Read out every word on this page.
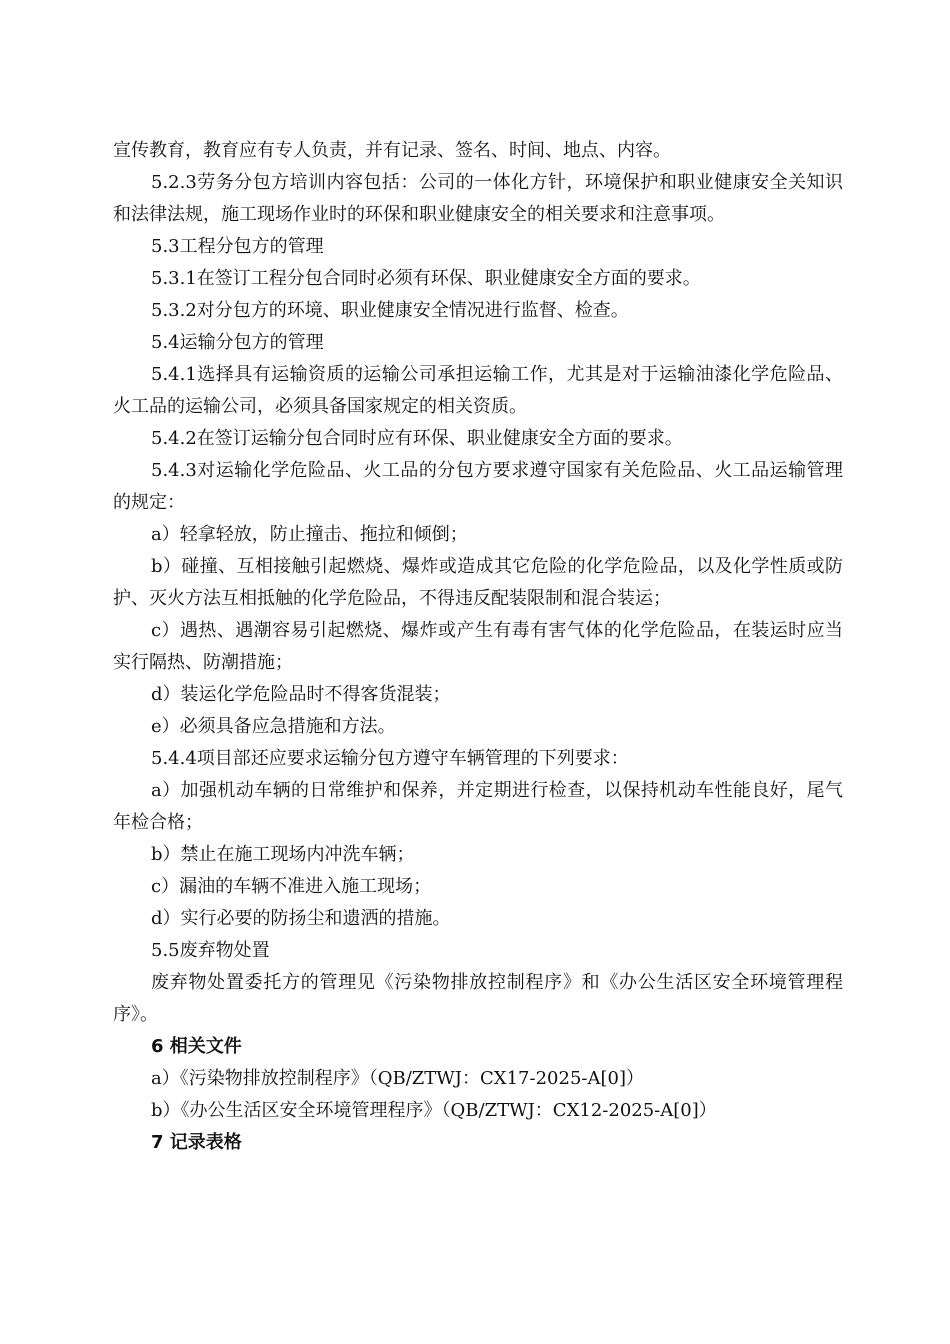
宣传教育，教育应有专人负责，并有记录、签名、时间、地点、内容。

5.2.3劳务分包方培训内容包括：公司的一体化方针，环境保护和职业健康安全关知识和法律法规，施工现场作业时的环保和职业健康安全的相关要求和注意事项。

5.3工程分包方的管理

5.3.1在签订工程分包合同时必须有环保、职业健康安全方面的要求。

5.3.2对分包方的环境、职业健康安全情况进行监督、检查。

5.4运输分包方的管理

5.4.1选择具有运输资质的运输公司承担运输工作，尤其是对于运输油漆化学危险品、火工品的运输公司，必须具备国家规定的相关资质。

5.4.2在签订运输分包合同时应有环保、职业健康安全方面的要求。

5.4.3对运输化学危险品、火工品的分包方要求遵守国家有关危险品、火工品运输管理的规定：

a）轻拿轻放，防止撞击、拖拉和倾倒；

b）碰撞、互相接触引起燃烧、爆炸或造成其它危险的化学危险品，以及化学性质或防护、灭火方法互相抵触的化学危险品，不得违反配装限制和混合装运；

c）遇热、遇潮容易引起燃烧、爆炸或产生有毒有害气体的化学危险品，在装运时应当实行隔热、防潮措施；

d）装运化学危险品时不得客货混装；

e）必须具备应急措施和方法。

5.4.4项目部还应要求运输分包方遵守车辆管理的下列要求：

a）加强机动车辆的日常维护和保养，并定期进行检查，以保持机动车性能良好，尾气年检合格；

b）禁止在施工现场内冲洗车辆；

c）漏油的车辆不准进入施工现场；

d）实行必要的防扬尘和遗洒的措施。

5.5废弃物处置

废弃物处置委托方的管理见《污染物排放控制程序》和《办公生活区安全环境管理程序》。

6 相关文件

a）《污染物排放控制程序》（QB/ZTWJ：CX17-2025-A[0]）

b）《办公生活区安全环境管理程序》（QB/ZTWJ：CX12-2025-A[0]）

7 记录表格
